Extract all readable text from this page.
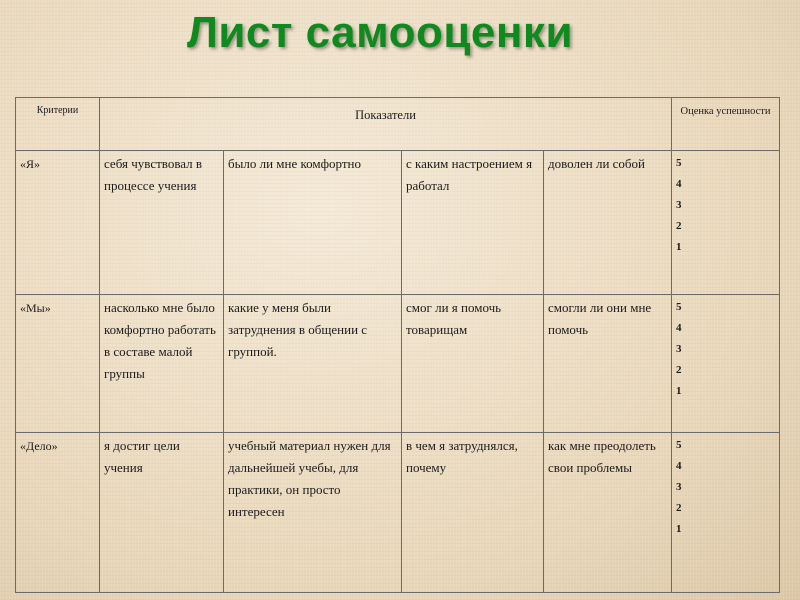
Лист самооценки
Критерии	Показатели				Оценка успешности
«Я»	себя чувствовал в процессе учения	было ли мне комфортно	с каким настроением я работал	доволен ли собой	5
4
3
2
1

«Мы»	насколько мне было комфортно работать в составе малой группы	какие у меня были затруднения в общении с группой.	смог ли я помочь товарищам	смогли ли они мне помочь	5
4
3
2
1

«Дело»	я достиг цели учения	учебный материал нужен для дальнейшей учебы, для практики, он просто интересен	в чем я затруднялся, почему	как мне преодолеть свои проблемы	5
4
3
2
1
